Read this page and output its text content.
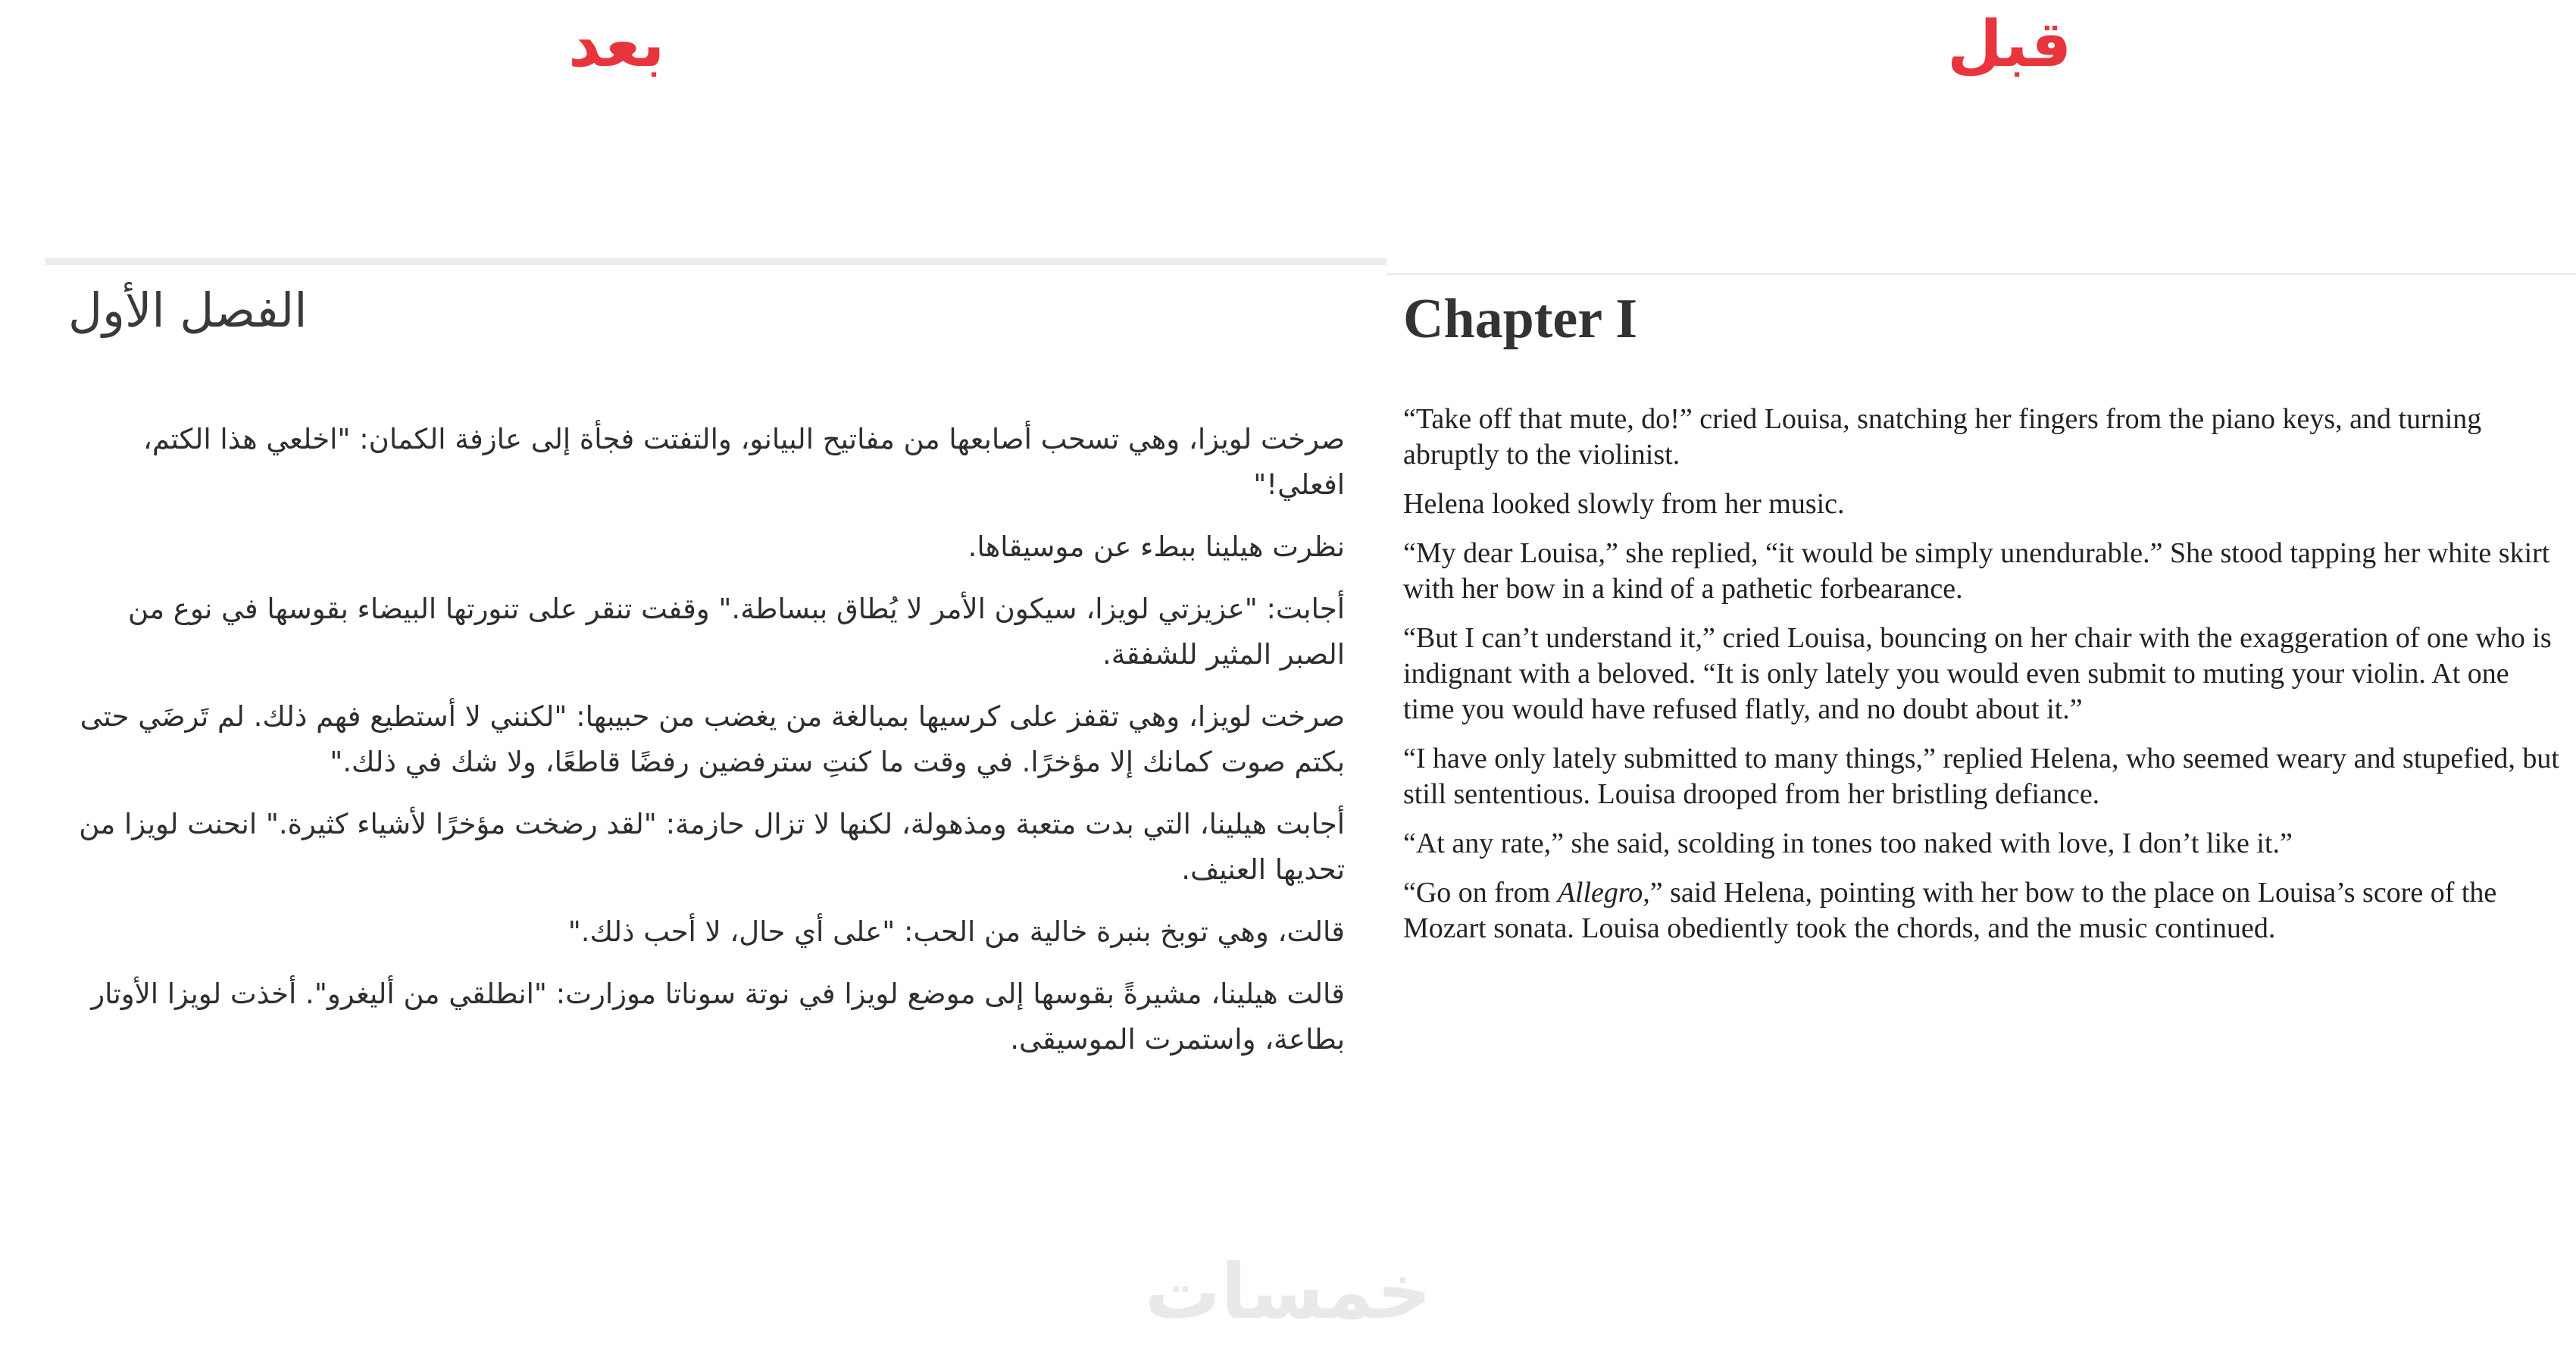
بعد	قبل
الفصل الأول

صرخت لويزا، وهي تسحب أصابعها من مفاتيح البيانو، والتفتت فجأة إلى عازفة الكمان: "اخلعي هذا الكتم، افعلي!"

نظرت هيلينا ببطء عن موسيقاها.

أجابت: "عزيزتي لويزا، سيكون الأمر لا يُطاق ببساطة." وقفت تنقر على تنورتها البيضاء بقوسها في نوع من الصبر المثير للشفقة.

صرخت لويزا، وهي تقفز على كرسيها بمبالغة من يغضب من حبيبها: "لكنني لا أستطيع فهم ذلك. لم تَرضَي حتى بكتم صوت كمانك إلا مؤخرًا. في وقت ما كنتِ سترفضين رفضًا قاطعًا، ولا شك في ذلك."

أجابت هيلينا، التي بدت متعبة ومذهولة، لكنها لا تزال حازمة: "لقد رضخت مؤخرًا لأشياء كثيرة." انحنت لويزا من تحديها العنيف.

قالت، وهي توبخ بنبرة خالية من الحب: "على أي حال، لا أحب ذلك."

قالت هيلينا، مشيرةً بقوسها إلى موضع لويزا في نوتة سوناتا موزارت: "انطلقي من أليغرو". أخذت لويزا الأوتار بطاعة، واستمرت الموسيقى.

Chapter I

“Take off that mute, do!” cried Louisa, snatching her fingers from the piano keys, and turning abruptly to the violinist.

Helena looked slowly from her music.

“My dear Louisa,” she replied, “it would be simply unendurable.” She stood tapping her white skirt with her bow in a kind of a pathetic forbearance.

“But I can’t understand it,” cried Louisa, bouncing on her chair with the exaggeration of one who is indignant with a beloved. “It is only lately you would even submit to muting your violin. At one time you would have refused flatly, and no doubt about it.”

“I have only lately submitted to many things,” replied Helena, who seemed weary and stupefied, but still sententious. Louisa drooped from her bristling defiance.

“At any rate,” she said, scolding in tones too naked with love, I don’t like it.”

“Go on from Allegro,” said Helena, pointing with her bow to the place on Louisa’s score of the Mozart sonata. Louisa obediently took the chords, and the music continued.

خمسات
